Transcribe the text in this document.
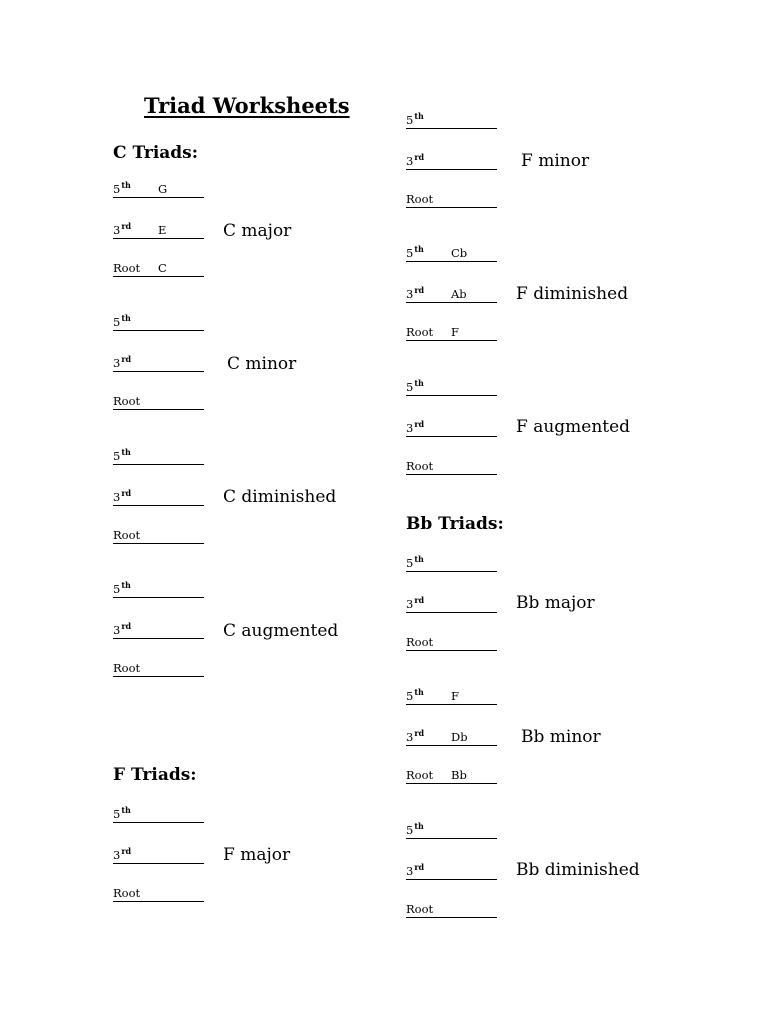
Triad Worksheets
C Triads:
F Triads:
Bb Triads:
5th G
3rd E
Root C
C major
5th
3rd
Root
C minor
5th
3rd
Root
C diminished
5th
3rd
Root
C augmented
5th
3rd
Root
F major
5th
3rd
Root
F minor
5th Cb
3rd Ab
Root F
F diminished
5th
3rd
Root
F augmented
5th
3rd
Root
Bb major
5th F
3rd Db
Root Bb
Bb minor
5th
3rd
Root
Bb diminished
